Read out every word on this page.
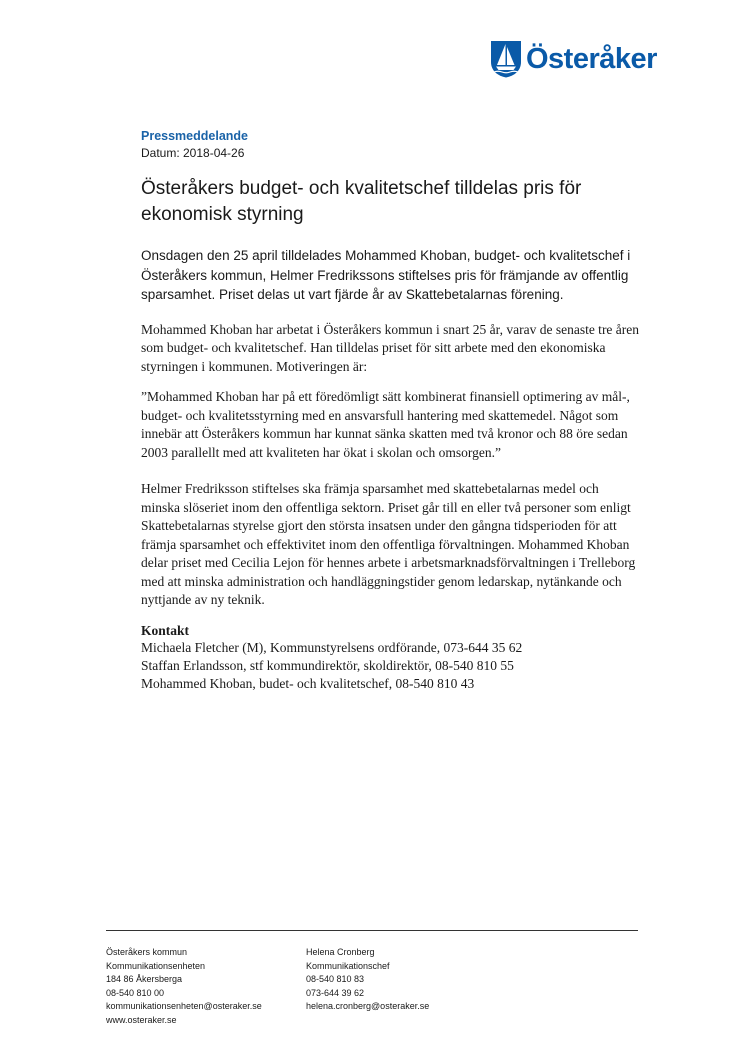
Österåker

Pressmeddelande

Datum: 2018-04-26

Österåkers budget- och kvalitetschef tilldelas pris för ekonomisk styrning

Onsdagen den 25 april tilldelades Mohammed Khoban, budget- och kvalitetschef i Österåkers kommun, Helmer Fredrikssons stiftelses pris för främjande av offentlig sparsamhet. Priset delas ut vart fjärde år av Skattebetalarnas förening.

Mohammed Khoban har arbetat i Österåkers kommun i snart 25 år, varav de senaste tre åren som budget- och kvalitetschef. Han tilldelas priset för sitt arbete med den ekonomiska styrningen i kommunen. Motiveringen är:

”Mohammed Khoban har på ett föredömligt sätt kombinerat finansiell optimering av mål-, budget- och kvalitetsstyrning med en ansvarsfull hantering med skattemedel. Något som innebär att Österåkers kommun har kunnat sänka skatten med två kronor och 88 öre sedan 2003 parallellt med att kvaliteten har ökat i skolan och omsorgen.”

Helmer Fredriksson stiftelses ska främja sparsamhet med skattebetalarnas medel och minska slöseriet inom den offentliga sektorn. Priset går till en eller två personer som enligt Skattebetalarnas styrelse gjort den största insatsen under den gångna tidsperioden för att främja sparsamhet och effektivitet inom den offentliga förvaltningen. Mohammed Khoban delar priset med Cecilia Lejon för hennes arbete i arbetsmarknadsförvaltningen i Trelleborg med att minska administration och handläggningstider genom ledarskap, nytänkande och nyttjande av ny teknik.

Kontakt

Michaela Fletcher (M), Kommunstyrelsens ordförande, 073-644 35 62

Staffan Erlandsson, stf kommundirektör, skoldirektör, 08-540 810 55

Mohammed Khoban, budet- och kvalitetschef, 08-540 810 43

Österåkers kommun
Kommunikationsenheten
184 86 Åkersberga
08-540 810 00
kommunikationsenheten@osteraker.se
www.osteraker.se
Helena Cronberg
Kommunikationschef
08-540 810 83
073-644 39 62
helena.cronberg@osteraker.se
